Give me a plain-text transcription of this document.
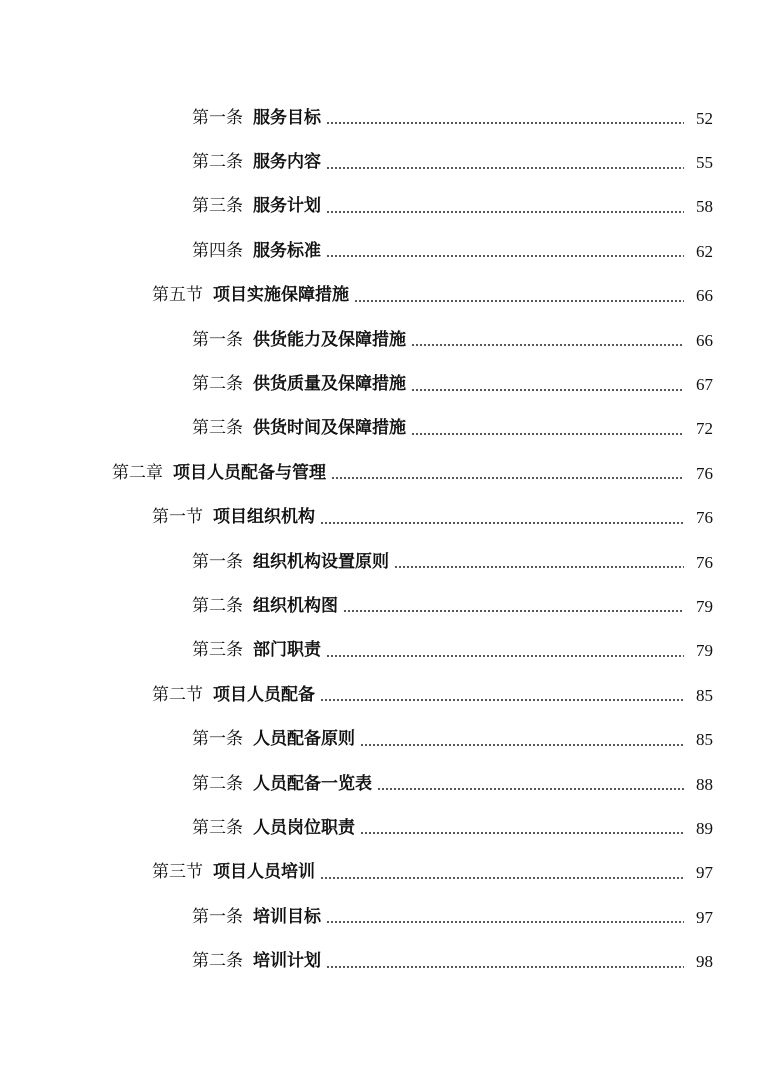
第一条 服务目标	52
第二条 服务内容	55
第三条 服务计划	58
第四条 服务标准	62
第五节 项目实施保障措施	66
第一条 供货能力及保障措施	66
第二条 供货质量及保障措施	67
第三条 供货时间及保障措施	72
第二章 项目人员配备与管理	76
第一节 项目组织机构	76
第一条 组织机构设置原则	76
第二条 组织机构图	79
第三条 部门职责	79
第二节 项目人员配备	85
第一条 人员配备原则	85
第二条 人员配备一览表	88
第三条 人员岗位职责	89
第三节 项目人员培训	97
第一条 培训目标	97
第二条 培训计划	98
